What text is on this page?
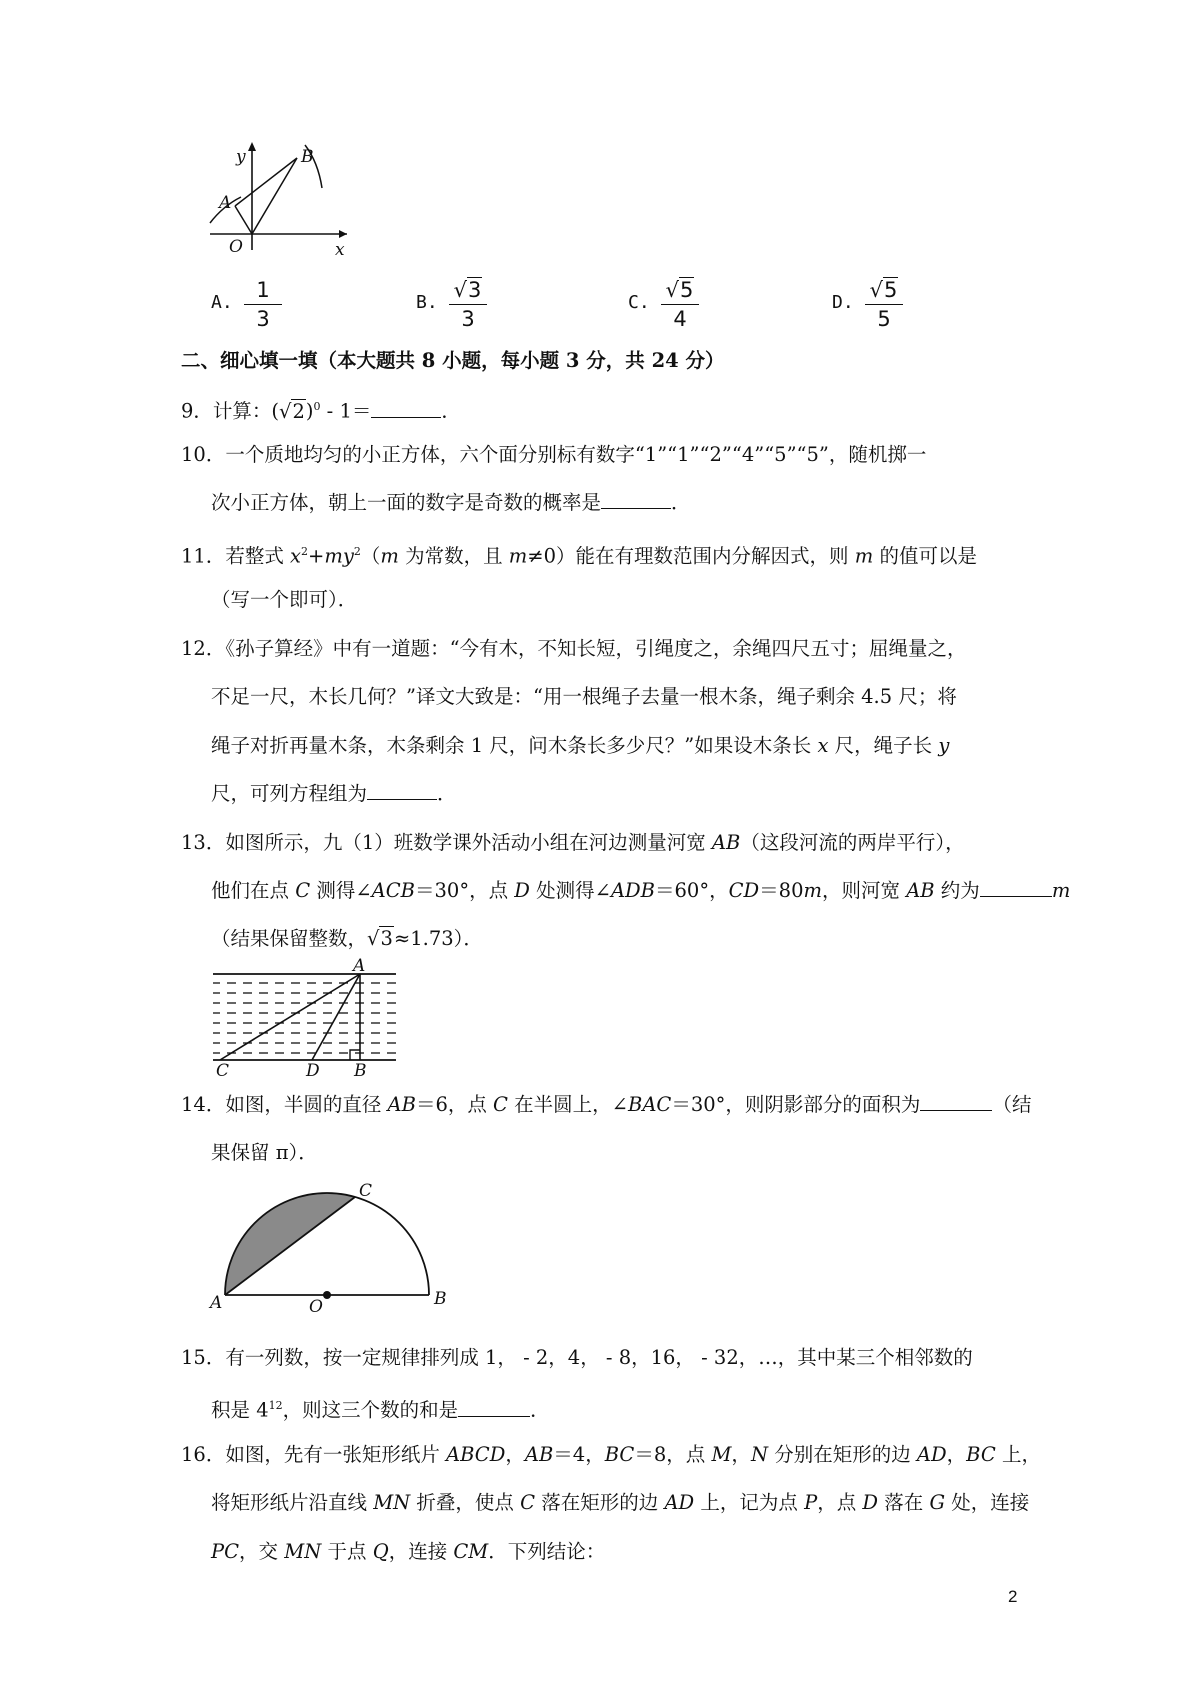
y	B
A
O	x
A.
1
3
B.
√3
3
C.
√5
4
D.
√5
5
二、细心填一填（本大题共 8 小题，每小题 3 分，共 24 分）
9．计算：$(√2)^0 - 1=$	．
10．一个质地均匀的小正方体，六个面分别标有数字“1”“1”“2”“4”“5”“5”，随机掷一
次小正方体，朝上一面的数字是奇数的概率是	．
11．若整式 $x^2+my^2(m$ 为常数，且 m≠0）能在有理数范围内分解因式，则 m 的值可以是
（写一个即可）．
12．《孙子算经》中有一道题：“今有木，不知长短，引绳度之，余绳四尺五寸；屈绳量之，
不足一尺，木长几何？”译文大致是：“用一根绳子去量一根木条，绳子剩余 4.5 尺；将
绳子对折再量木条，木条剩余 1 尺，问木条长多少尺？”如果设木条长 x 尺，绳子长 y
尺，可列方程组为	．
13．如图所示，九（1）班数学课外活动小组在河边测量河宽 AB（这段河流的两岸平行），
他们在点 C 测得∠ACB＝30°，点 D 处测得∠ADB＝60°，CD＝80m，则河宽 AB 约为	m
（结果保留整数，√3≈1.73）．
A
C	D B
14．如图，半圆的直径 AB＝6，点 C 在半圆上，∠BAC＝30°，则阴影部分的面积为	（结
果保留 π）．
C
A	O	B
15．有一列数，按一定规律排列成 1， - 2，4， - 8，16， - 32，…，其中某三个相邻数的
积是 $4^{12}$，则这三个数的和是	．
16．如图，先有一张矩形纸片 ABCD，AB＝4，BC＝8，点 M，N 分别在矩形的边 AD，BC 上，
将矩形纸片沿直线 MN 折叠，使点 C 落在矩形的边 AD 上，记为点 P，点 D 落在 G 处，连接
PC，交 MN 于点 Q，连接 CM．下列结论：
2
